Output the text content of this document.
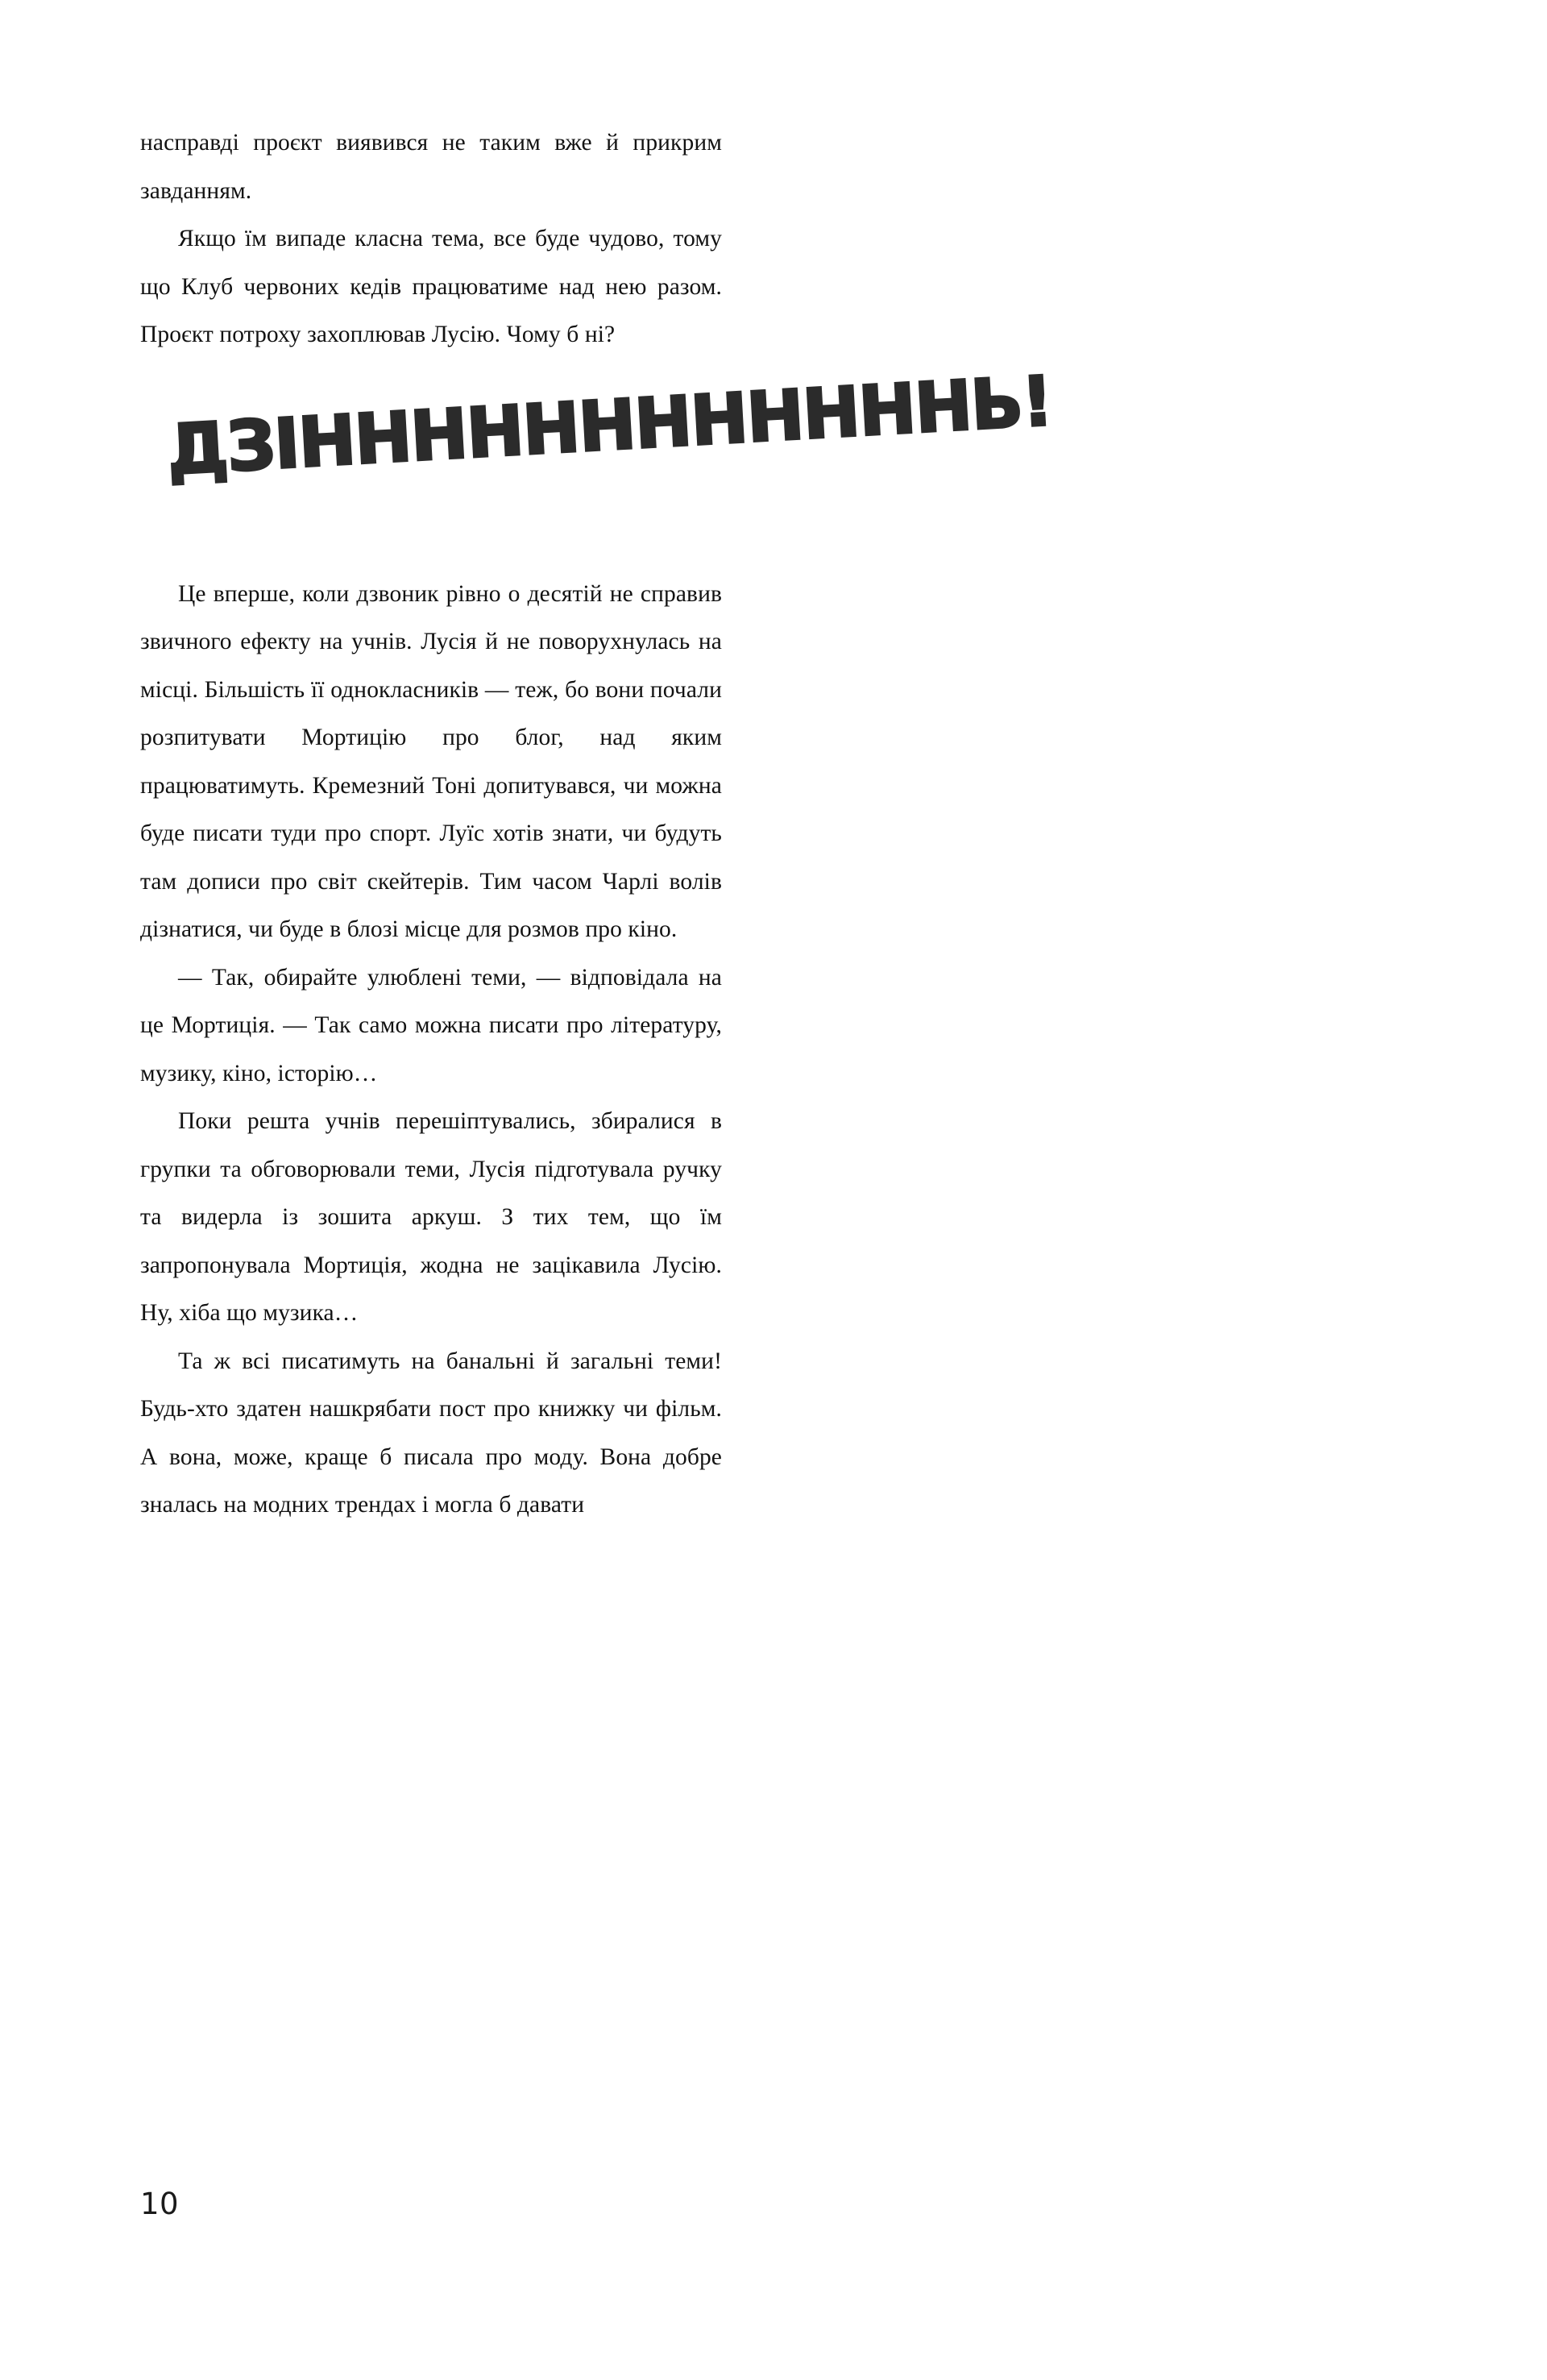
насправді проєкт виявився не таким вже й прикрим завданням.

Якщо їм випаде класна тема, все буде чудово, тому що Клуб червоних кедів працюватиме над нею разом. Проєкт потроху захоплював Лусію. Чому б ні?

ДЗІННННННННННННЬ!

Це вперше, коли дзвоник рівно о десятій не справив звичного ефекту на учнів. Лусія й не поворухнулась на місці. Більшість її однокласників — теж, бо вони почали розпитувати Мортицію про блог, над яким працюватимуть. Кремезний Тоні допитувався, чи можна буде писати туди про спорт. Луїс хотів знати, чи будуть там дописи про світ скейтерів. Тим часом Чарлі волів дізнатися, чи буде в блозі місце для розмов про кіно.

— Так, обирайте улюблені теми, — відповідала на це Мортиція. — Так само можна писати про літературу, музику, кіно, історію…

Поки решта учнів перешіптувались, збиралися в групки та обговорювали теми, Лусія підготувала ручку та видерла із зошита аркуш. З тих тем, що їм запропонувала Мортиція, жодна не зацікавила Лусію. Ну, хіба що музика…

Та ж всі писатимуть на банальні й загальні теми! Будь-хто здатен нашкрябати пост про книжку чи фільм. А вона, може, краще б писала про моду. Вона добре зналась на модних трендах і могла б давати

10
